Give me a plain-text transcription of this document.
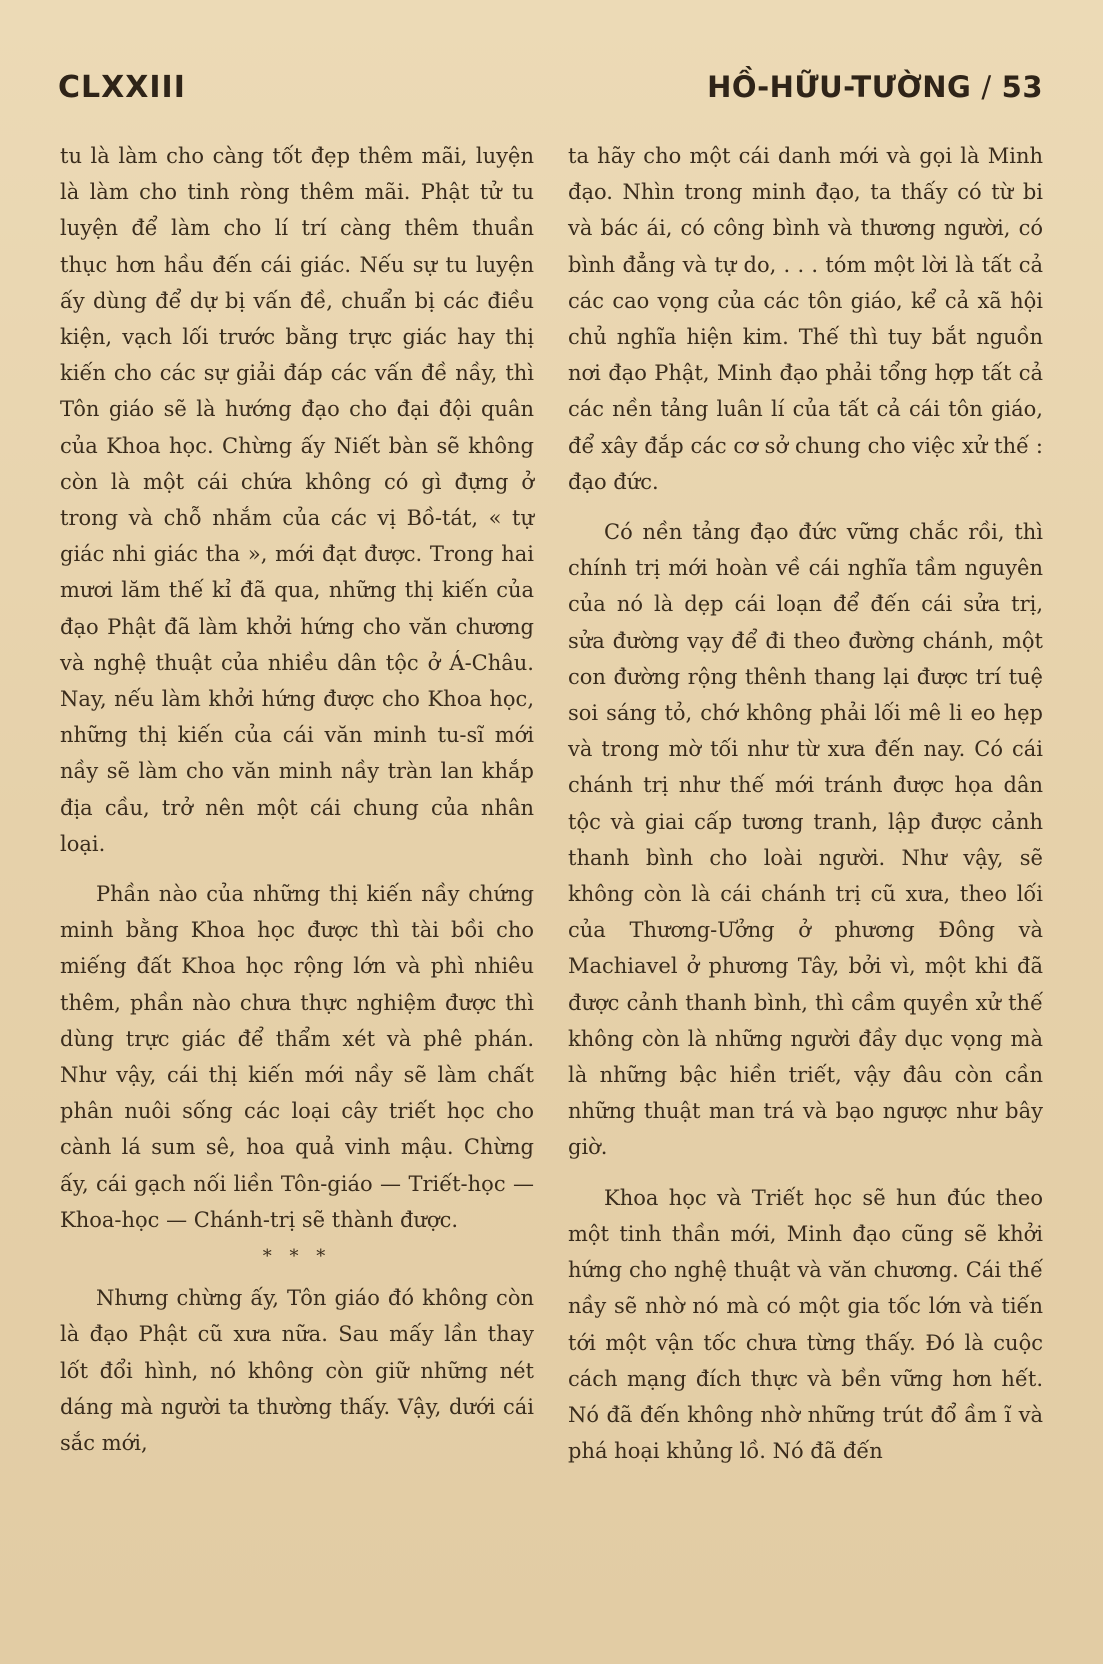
CLXXIII	HỒ-HỮU-TƯỜNG / 53

tu là làm cho càng tốt đẹp thêm mãi, luyện là làm cho tinh ròng thêm mãi. Phật tử tu luyện để làm cho lí trí càng thêm thuần thục hơn hầu đến cái giác. Nếu sự tu luyện ấy dùng để dự bị vấn đề, chuẩn bị các điều kiện, vạch lối trước bằng trực giác hay thị kiến cho các sự giải đáp các vấn đề nầy, thì Tôn giáo sẽ là hướng đạo cho đại đội quân của Khoa học. Chừng ấy Niết bàn sẽ không còn là một cái chứa không có gì đựng ở trong và chỗ nhắm của các vị Bồ-tát, « tự giác nhi giác tha », mới đạt được. Trong hai mươi lăm thế kỉ đã qua, những thị kiến của đạo Phật đã làm khởi hứng cho văn chương và nghệ thuật của nhiều dân tộc ở Á-Châu. Nay, nếu làm khởi hứng được cho Khoa học, những thị kiến của cái văn minh tu-sĩ mới nầy sẽ làm cho văn minh nầy tràn lan khắp địa cầu, trở nên một cái chung của nhân loại.

Phần nào của những thị kiến nầy chứng minh bằng Khoa học được thì tài bồi cho miếng đất Khoa học rộng lớn và phì nhiêu thêm, phần nào chưa thực nghiệm được thì dùng trực giác để thẩm xét và phê phán. Như vậy, cái thị kiến mới nầy sẽ làm chất phân nuôi sống các loại cây triết học cho cành lá sum sê, hoa quả vinh mậu. Chừng ấy, cái gạch nối liền Tôn-giáo — Triết-học — Khoa-học — Chánh-trị sẽ thành được.

* * *

Nhưng chừng ấy, Tôn giáo đó không còn là đạo Phật cũ xưa nữa. Sau mấy lần thay lốt đổi hình, nó không còn giữ những nét dáng mà người ta thường thấy. Vậy, dưới cái sắc mới,

ta hãy cho một cái danh mới và gọi là Minh đạo. Nhìn trong minh đạo, ta thấy có từ bi và bác ái, có công bình và thương người, có bình đẳng và tự do, . . . tóm một lời là tất cả các cao vọng của các tôn giáo, kể cả xã hội chủ nghĩa hiện kim. Thế thì tuy bắt nguồn nơi đạo Phật, Minh đạo phải tổng hợp tất cả các nền tảng luân lí của tất cả cái tôn giáo, để xây đắp các cơ sở chung cho việc xử thế : đạo đức.

Có nền tảng đạo đức vững chắc rồi, thì chính trị mới hoàn về cái nghĩa tầm nguyên của nó là dẹp cái loạn để đến cái sửa trị, sửa đường vạy để đi theo đường chánh, một con đường rộng thênh thang lại được trí tuệ soi sáng tỏ, chớ không phải lối mê li eo hẹp và trong mờ tối như từ xưa đến nay. Có cái chánh trị như thế mới tránh được họa dân tộc và giai cấp tương tranh, lập được cảnh thanh bình cho loài người. Như vậy, sẽ không còn là cái chánh trị cũ xưa, theo lối của Thương-Ưởng ở phương Đông và Machiavel ở phương Tây, bởi vì, một khi đã được cảnh thanh bình, thì cầm quyền xử thế không còn là những người đầy dục vọng mà là những bậc hiền triết, vậy đâu còn cần những thuật man trá và bạo ngược như bây giờ.

Khoa học và Triết học sẽ hun đúc theo một tinh thần mới, Minh đạo cũng sẽ khởi hứng cho nghệ thuật và văn chương. Cái thế nầy sẽ nhờ nó mà có một gia tốc lớn và tiến tới một vận tốc chưa từng thấy. Đó là cuộc cách mạng đích thực và bền vững hơn hết. Nó đã đến không nhờ những trút đổ ầm ĩ và phá hoại khủng lồ. Nó đã đến
